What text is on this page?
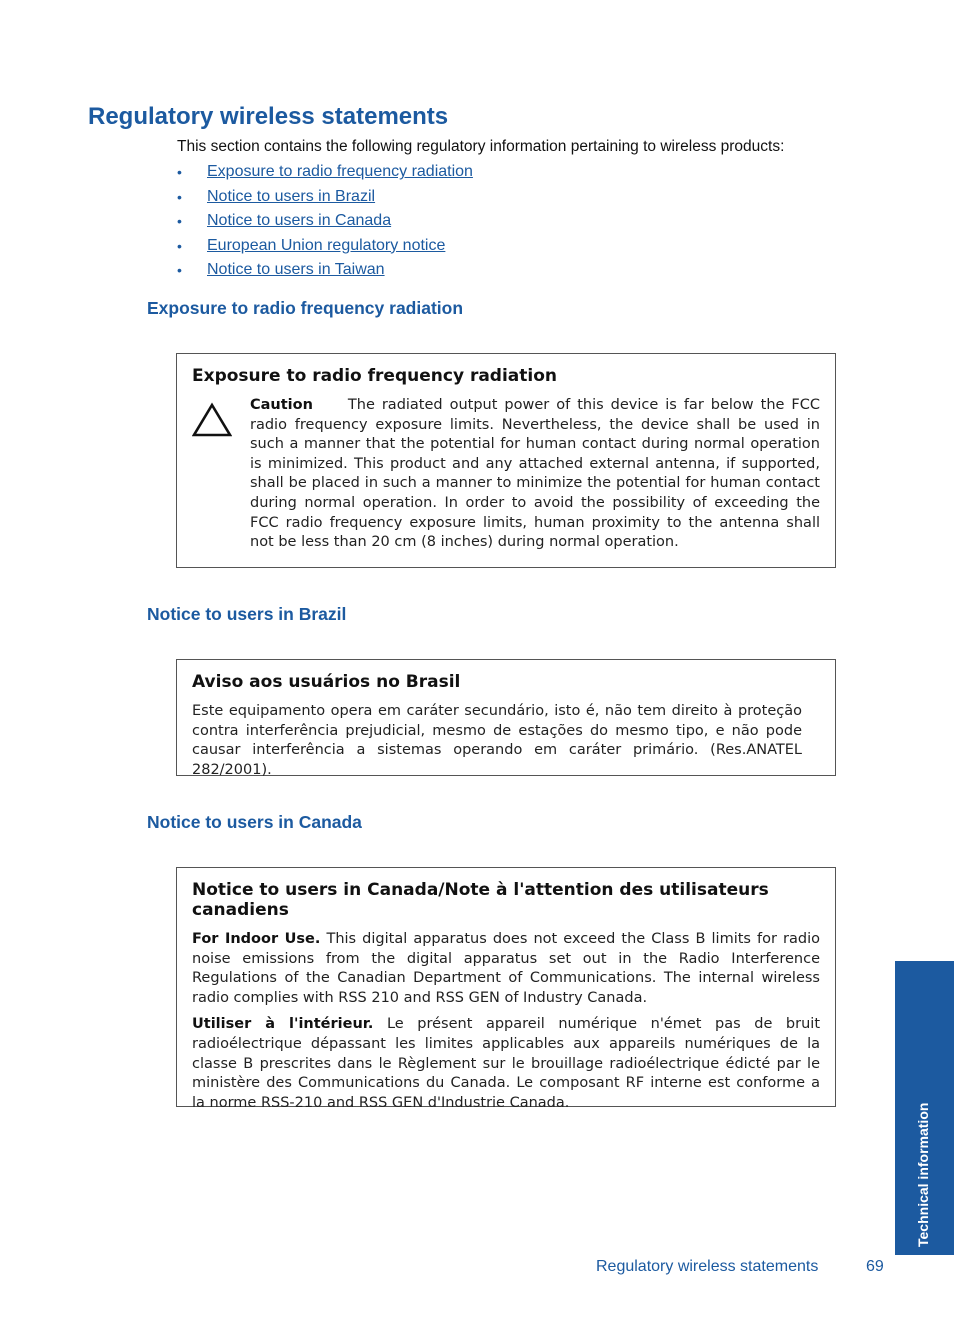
Regulatory wireless statements
This section contains the following regulatory information pertaining to wireless products:
•	Exposure to radio frequency radiation
•	Notice to users in Brazil
•	Notice to users in Canada
•	European Union regulatory notice
•	Notice to users in Taiwan
Exposure to radio frequency radiation
Exposure to radio frequency radiation

Caution The radiated output power of this device is far below the FCC radio frequency exposure limits. Nevertheless, the device shall be used in such a manner that the potential for human contact during normal operation is minimized. This product and any attached external antenna, if supported, shall be placed in such a manner to minimize the potential for human contact during normal operation. In order to avoid the possibility of exceeding the FCC radio frequency exposure limits, human proximity to the antenna shall not be less than 20 cm (8 inches) during normal operation.

Notice to users in Brazil
Aviso aos usuários no Brasil

Este equipamento opera em caráter secundário, isto é, não tem direito à proteção contra interferência prejudicial, mesmo de estações do mesmo tipo, e não pode causar interferência a sistemas operando em caráter primário. (Res.ANATEL 282/2001).

Notice to users in Canada
Notice to users in Canada/Note à l'attention des utilisateurs canadiens

For Indoor Use. This digital apparatus does not exceed the Class B limits for radio noise emissions from the digital apparatus set out in the Radio Interference Regulations of the Canadian Department of Communications. The internal wireless radio complies with RSS 210 and RSS GEN of Industry Canada.

Utiliser à l'intérieur. Le présent appareil numérique n'émet pas de bruit radioélectrique dépassant les limites applicables aux appareils numériques de la classe B prescrites dans le Règlement sur le brouillage radioélectrique édicté par le ministère des Communications du Canada. Le composant RF interne est conforme a la norme RSS-210 and RSS GEN d'Industrie Canada.	Technical information
Regulatory wireless statements	69
